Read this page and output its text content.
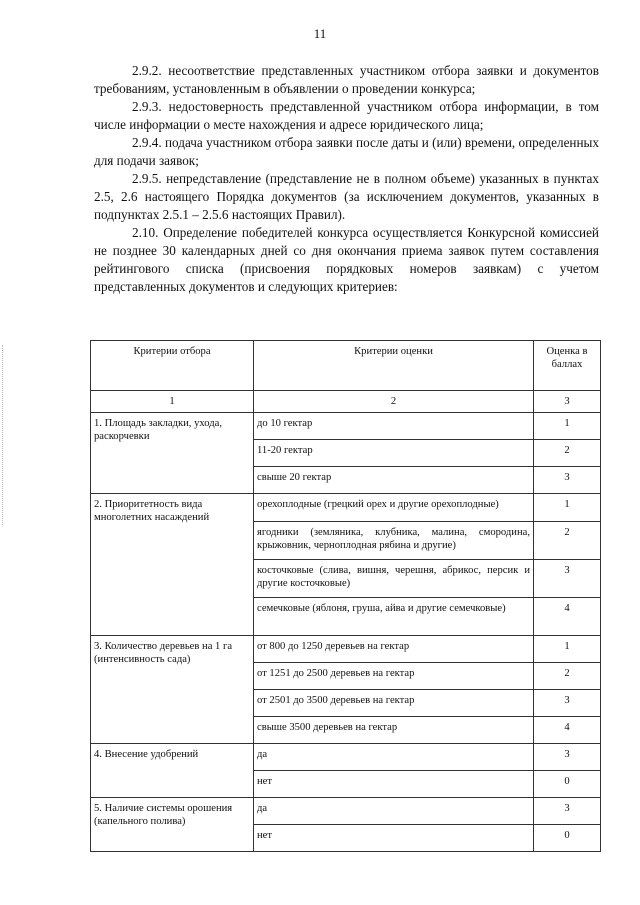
11

2.9.2. несоответствие представленных участником отбора заявки и документов требованиям, установленным в объявлении о проведении конкурса;

2.9.3. недостоверность представленной участником отбора информации, в том числе информации о месте нахождения и адресе юридического лица;

2.9.4. подача участником отбора заявки после даты и (или) времени, определенных для подачи заявок;

2.9.5. непредставление (представление не в полном объеме) указанных в пунктах 2.5, 2.6 настоящего Порядка документов (за исключением документов, указанных в подпунктах 2.5.1 – 2.5.6 настоящих Правил).

2.10. Определение победителей конкурса осуществляется Конкурсной комиссией не позднее 30 календарных дней со дня окончания приема заявок путем составления рейтингового списка (присвоения порядковых номеров заявкам) с учетом представленных документов и следующих критериев:

Критерии отбора	Критерии оценки	Оценка в баллах
1	2	3
1. Площадь закладки, ухода, раскорчевки	до 10 гектар	1
	11-20 гектар	2
	свыше 20 гектар	3
2. Приоритетность вида многолетних насаждений	орехоплодные (грецкий орех и другие орехоплодные)	1
	ягодники (земляника, клубника, малина, смородина, крыжовник, черноплодная рябина и другие)	2
	косточковые (слива, вишня, черешня, абрикос, персик и другие косточковые)	3
	семечковые (яблоня, груша, айва и другие семечковые)	4
3. Количество деревьев на 1 га (интенсивность сада)	от 800 до 1250 деревьев на гектар	1
	от 1251 до 2500 деревьев на гектар	2
	от 2501 до 3500 деревьев на гектар	3
	свыше 3500 деревьев на гектар	4
4. Внесение удобрений	да	3
	нет	0
5. Наличие системы орошения (капельного полива)	да	3
	нет	0
